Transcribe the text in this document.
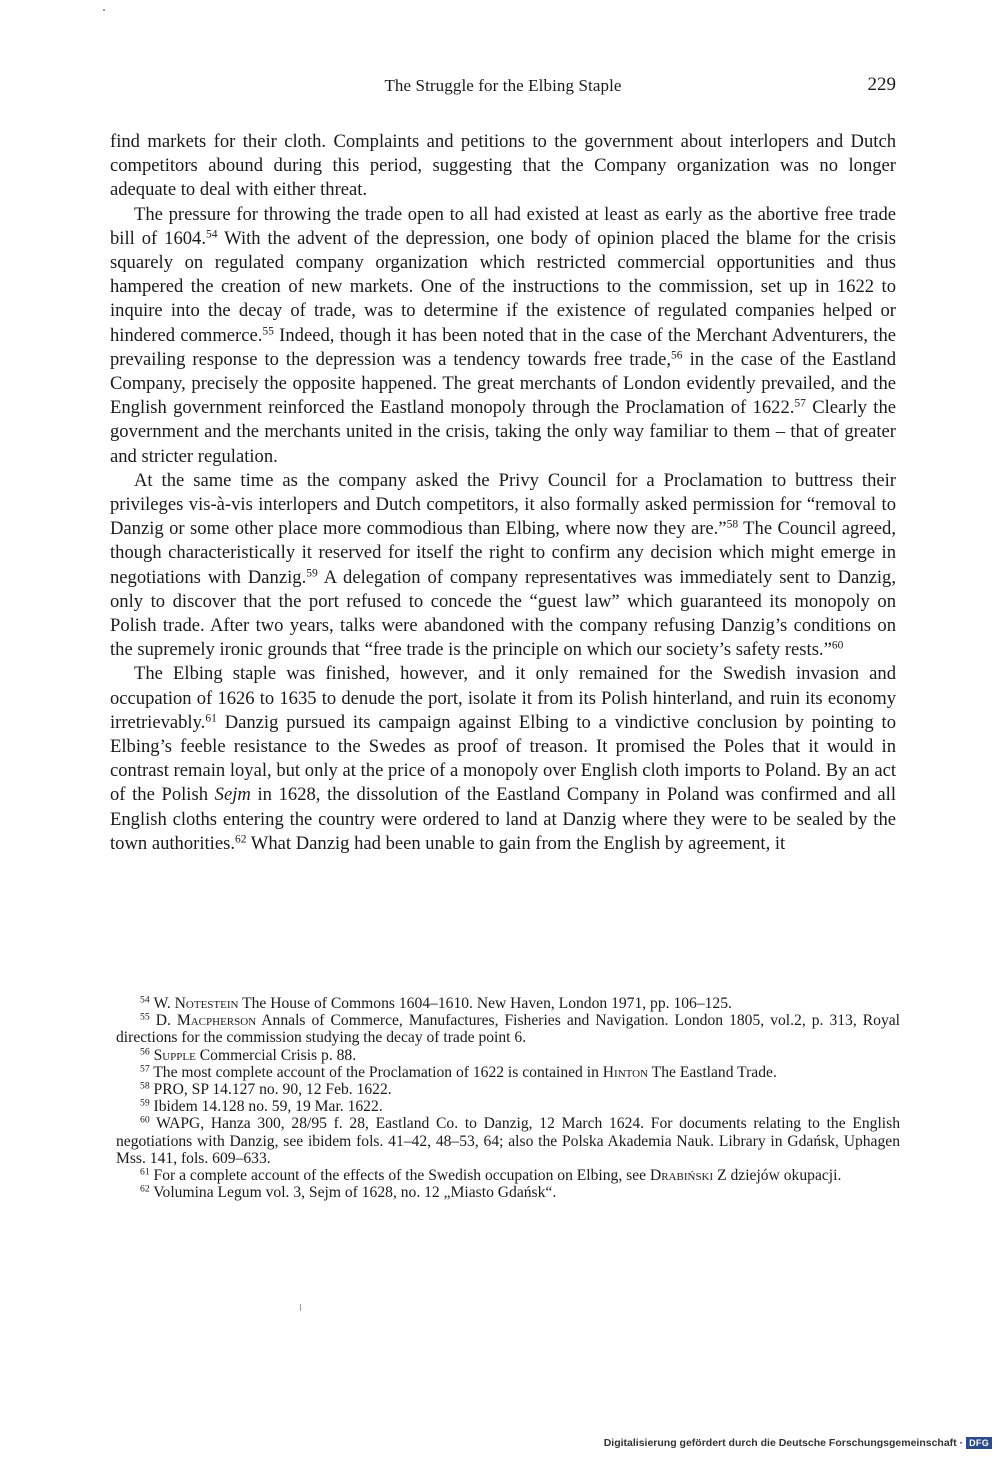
The Struggle for the Elbing Staple	229

find markets for their cloth. Complaints and petitions to the government about interlopers and Dutch competitors abound during this period, suggesting that the Company organization was no longer adequate to deal with either threat.

The pressure for throwing the trade open to all had existed at least as early as the abortive free trade bill of 1604.54 With the advent of the depression, one body of opinion placed the blame for the crisis squarely on regulated company organization which restricted commercial opportunities and thus hampered the creation of new markets. One of the instructions to the commission, set up in 1622 to inquire into the decay of trade, was to determine if the existence of regulated companies helped or hindered commerce.$^{55}$ Indeed, though it has been noted that in the case of the Merchant Adventurers, the prevailing response to the depression was a tendency towards free trade,$^{56}$ in the case of the Eastland Company, precisely the opposite happened. The great merchants of London evidently prevailed, and the English government reinforced the Eastland monopoly through the Proclamation of 1622.57 Clearly the government and the merchants united in the crisis, taking the only way familiar to them – that of greater and stricter regulation.

At the same time as the company asked the Privy Council for a Proclamation to buttress their privileges vis-à-vis interlopers and Dutch competitors, it also formally asked permission for “removal to Danzig or some other place more commodious than Elbing, where now they are.”$^{58}$ The Council agreed, though characteristically it reserved for itself the right to confirm any decision which might emerge in negotiations with Danzig.$^{59}$ A delegation of company representatives was immediately sent to Danzig, only to discover that the port refused to concede the “guest law” which guaranteed its monopoly on Polish trade. After two years, talks were abandoned with the company refusing Danzig’s conditions on the supremely ironic grounds that “free trade is the principle on which our society’s safety rests.”$^{60}$

The Elbing staple was finished, however, and it only remained for the Swedish invasion and occupation of 1626 to 1635 to denude the port, isolate it from its Polish hinterland, and ruin its economy irretrievably.$^{61}$ Danzig pursued its campaign against Elbing to a vindictive conclusion by pointing to Elbing’s feeble resistance to the Swedes as proof of treason. It promised the Poles that it would in contrast remain loyal, but only at the price of a monopoly over English cloth imports to Poland. By an act of the Polish Sejm in 1628, the dissolution of the Eastland Company in Poland was confirmed and all English cloths entering the country were ordered to land at Danzig where they were to be sealed by the town authorities.$^{62}$ What Danzig had been unable to gain from the English by agreement, it

$^{54}$ W. Notestein The House of Commons 1604–1610. New Haven, London 1971, pp. 106–125.

$^{55}$ D. Macpherson Annals of Commerce, Manufactures, Fisheries and Navigation. London 1805, vol.2, p. 313, Royal directions for the commission studying the decay of trade point 6.

$^{56}$ Supple Commercial Crisis p. 88.

$^{57}$ The most complete account of the Proclamation of 1622 is contained in Hinton The Eastland Trade.

$^{58}$ PRO, SP 14.127 no. 90, 12 Feb. 1622.

$^{59}$ Ibidem 14.128 no. 59, 19 Mar. 1622.

$^{60}$ WAPG, Hanza 300, 28/95 f. 28, Eastland Co. to Danzig, 12 March 1624. For documents relating to the English negotiations with Danzig, see ibidem fols. 41–42, 48–53, 64; also the Polska Akademia Nauk. Library in Gdańsk, Uphagen Mss. 141, fols. 609–633.

$^{61}$ For a complete account of the effects of the Swedish occupation on Elbing, see Drabiński Z dziejów okupacji.

$^{62}$ Volumina Legum vol. 3, Sejm of 1628, no. 12 „Miasto Gdańsk“.

Digitalisierung gefördert durch die Deutsche Forschungsgemeinschaft · DFG
